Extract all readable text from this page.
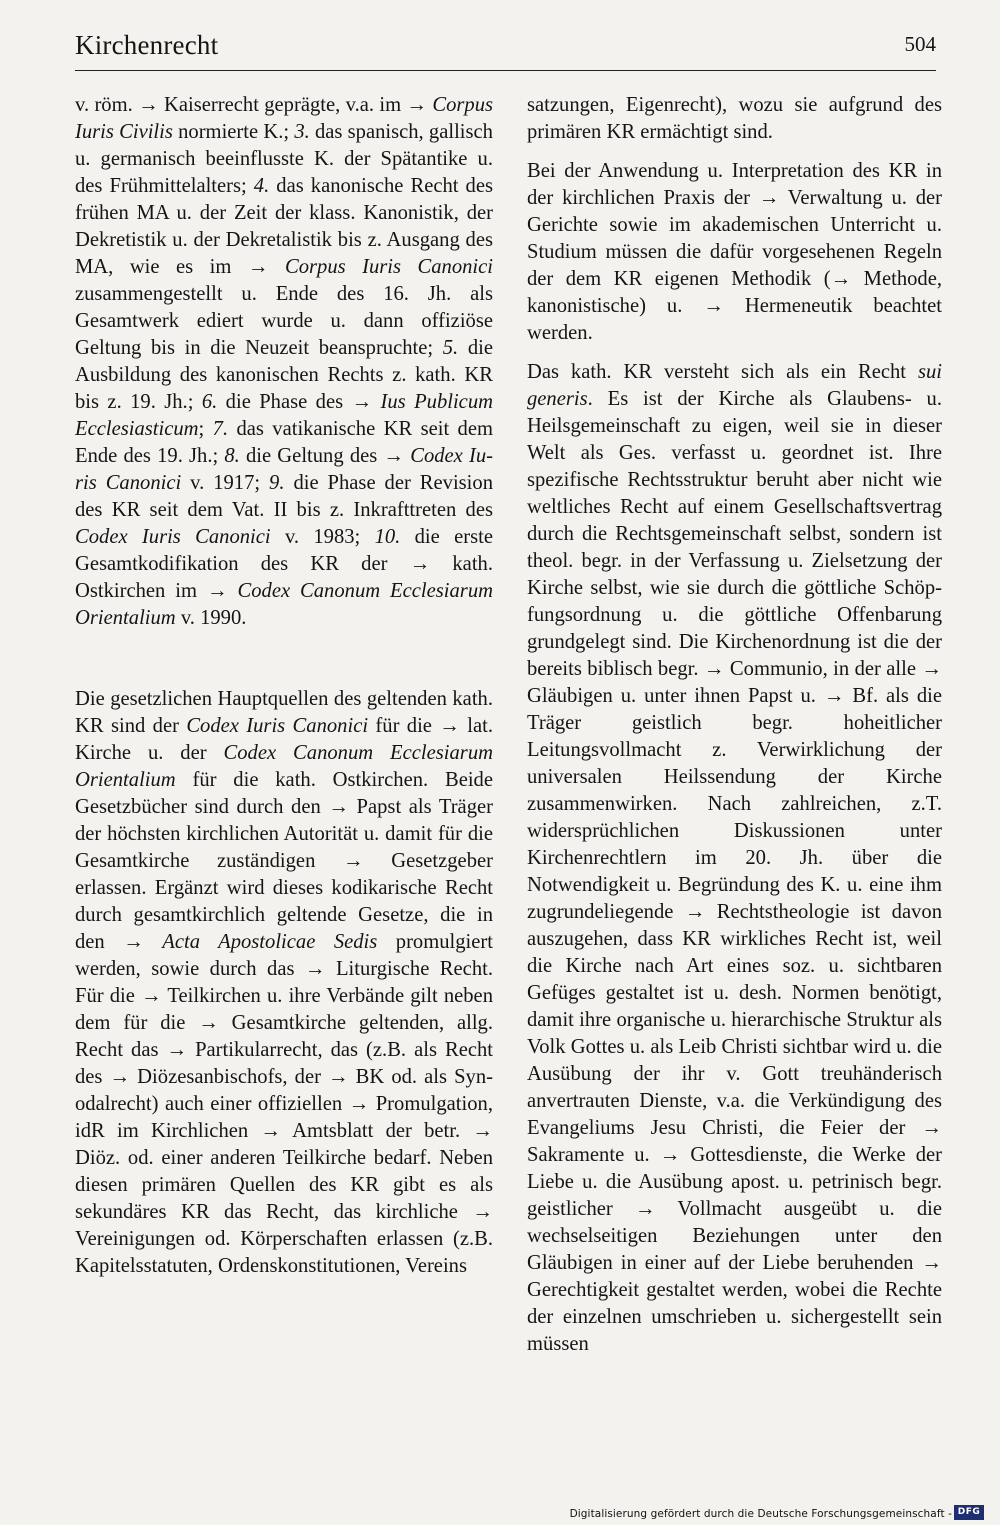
Kirchenrecht	504

v. röm. → Kaiserrecht geprägte, v.a. im → Corpus Iuris Civilis normierte K.; 3. das spanisch, gallisch u. germanisch beeinflusste K. der Spätantike u. des Frühmittelalters; 4. das kanonische Recht des frühen MA u. der Zeit der klass. Kanonistik, der Dekretistik u. der Dekretalistik bis z. Ausgang des MA, wie es im → Corpus Iuris Canonici zusammengestellt u. Ende des 16. Jh. als Gesamtwerk ediert wurde u. dann offiziöse Geltung bis in die Neuzeit beanspruchte; 5. die Ausbildung des kanonischen Rechts z. kath. KR bis z. 19. Jh.; 6. die Phase des → Ius Publicum Ecclesiasticum; 7. das vatikanische KR seit dem Ende des 19. Jh.; 8. die Geltung des → Codex Iuris Canonici v. 1917; 9. die Phase der Revision des KR seit dem Vat. II bis z. Inkrafttreten des Codex Iuris Canonici v. 1983; 10. die erste Gesamtkodifikation des KR der → kath. Ostkirchen im → Codex Canonum Ecclesiarum Orientalium v. 1990.

Die gesetzlichen Hauptquellen des geltenden kath. KR sind der Codex Iuris Canonici für die → lat. Kirche u. der Codex Canonum Ecclesiarum Orientalium für die kath. Ostkirchen. Beide Gesetzbücher sind durch den → Papst als Träger der höchsten kirchlichen Autorität u. damit für die Gesamtkirche zuständigen → Gesetzgeber erlassen. Ergänzt wird dieses kodikarische Recht durch gesamtkirchlich geltende Gesetze, die in den → Acta Apostolicae Sedis promulgiert werden, sowie durch das → Liturgische Recht. Für die → Teilkirchen u. ihre Verbände gilt neben dem für die → Gesamtkirche geltenden, allg. Recht das → Partikularrecht, das (z.B. als Recht des → Diözesanbischofs, der → BK od. als Synodalrecht) auch einer offiziellen → Promulgation, idR im Kirchlichen → Amtsblatt der betr. → Diöz. od. einer anderen Teilkirche bedarf. Neben diesen primären Quellen des KR gibt es als sekundäres KR das Recht, das kirchliche → Vereinigungen od. Körperschaften erlassen (z.B. Kapitelsstatuten, Ordenskonstitutionen, Vereins

satzungen, Eigenrecht), wozu sie aufgrund des primären KR ermächtigt sind.

Bei der Anwendung u. Interpretation des KR in der kirchlichen Praxis der → Verwaltung u. der Gerichte sowie im akademischen Unterricht u. Studium müssen die dafür vorgesehenen Regeln der dem KR eigenen Methodik (→ Methode, kanonistische) u. → Hermeneutik beachtet werden.

Das kath. KR versteht sich als ein Recht sui generis. Es ist der Kirche als Glaubens- u. Heilsgemeinschaft zu eigen, weil sie in dieser Welt als Ges. verfasst u. geordnet ist. Ihre spezifische Rechtsstruktur beruht aber nicht wie weltliches Recht auf einem Gesellschaftsvertrag durch die Rechtsgemeinschaft selbst, sondern ist theol. begr. in der Verfassung u. Zielsetzung der Kirche selbst, wie sie durch die göttliche Schöpfungsordnung u. die göttliche Offenbarung grundgelegt sind. Die Kirchenordnung ist die der bereits biblisch begr. → Communio, in der alle → Gläubigen u. unter ihnen Papst u. → Bf. als die Träger geistlich begr. hoheitlicher Leitungsvollmacht z. Verwirklichung der universalen Heilssendung der Kirche zusammenwirken. Nach zahlreichen, z.T. widersprüchlichen Diskussionen unter Kirchenrechtlern im 20. Jh. über die Notwendigkeit u. Begründung des K. u. eine ihm zugrundeliegende → Rechtstheologie ist davon auszugehen, dass KR wirkliches Recht ist, weil die Kirche nach Art eines soz. u. sichtbaren Gefüges gestaltet ist u. desh. Normen benötigt, damit ihre organische u. hierarchische Struktur als Volk Gottes u. als Leib Christi sichtbar wird u. die Ausübung der ihr v. Gott treuhänderisch anvertrauten Dienste, v.a. die Verkündigung des Evangeliums Jesu Christi, die Feier der → Sakramente u. → Gottesdienste, die Werke der Liebe u. die Ausübung apost. u. petrinisch begr. geistlicher → Vollmacht ausgeübt u. die wechselseitigen Beziehungen unter den Gläubigen in einer auf der Liebe beruhenden → Gerechtigkeit gestaltet werden, wobei die Rechte der einzelnen umschrieben u. sichergestellt sein müssen

Digitalisierung gefördert durch die Deutsche Forschungsgemeinschaft - DFG
